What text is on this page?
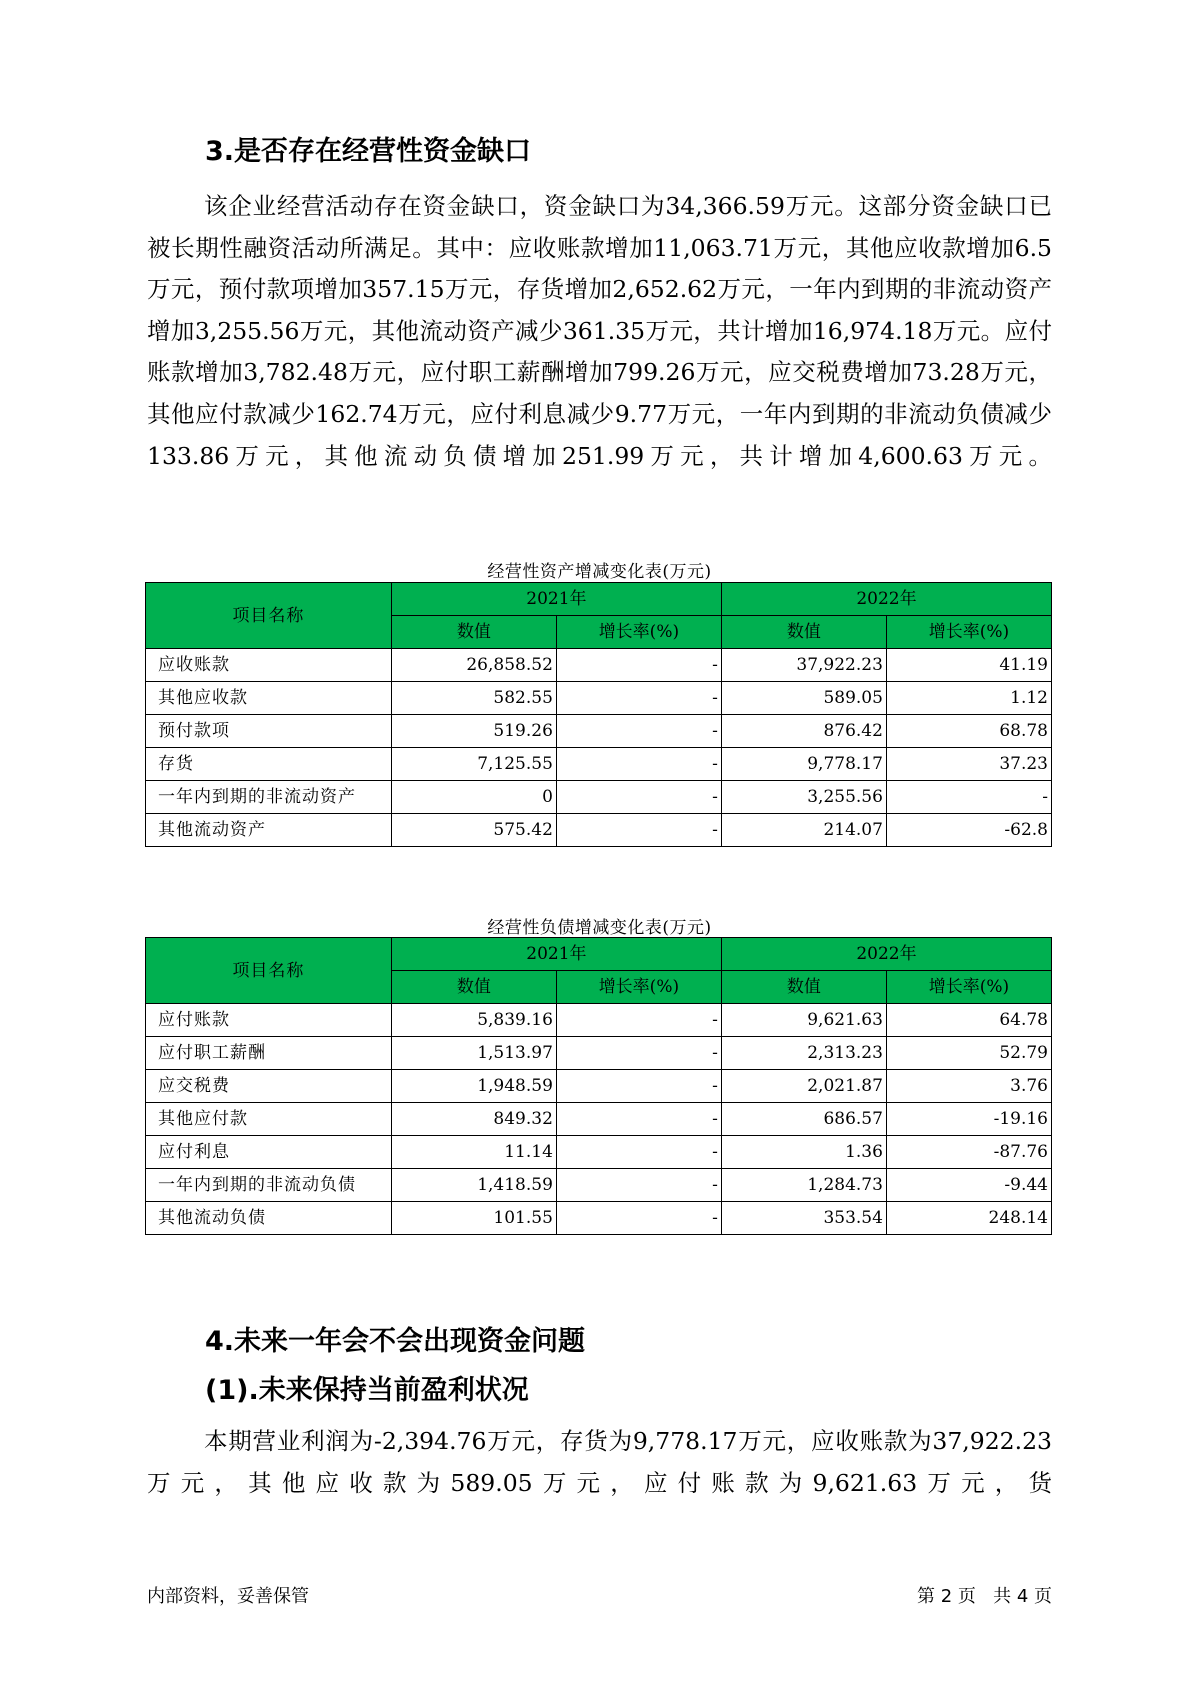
3.是否存在经营性资金缺口

该企业经营活动存在资金缺口，资金缺口为34,366.59万元。这部分资金缺口已被长期性融资活动所满足。其中：应收账款增加11,063.71万元，其他应收款增加6.5万元，预付款项增加357.15万元，存货增加2,652.62万元，一年内到期的非流动资产增加3,255.56万元，其他流动资产减少361.35万元，共计增加16,974.18万元。应付账款增加3,782.48万元，应付职工薪酬增加799.26万元，应交税费增加73.28万元，其他应付款减少162.74万元，应付利息减少9.77万元，一年内到期的非流动负债减少133.86万元，其他流动负债增加251.99万元，共计增加4,600.63万元。

经营性资产增减变化表(万元)

项目名称	2021年		2022年	
	数值	增长率(%)	数值	增长率(%)
应收账款	26,858.52	-	37,922.23	41.19
其他应收款	582.55	-	589.05	1.12
预付款项	519.26	-	876.42	68.78
存货	7,125.55	-	9,778.17	37.23
一年内到期的非流动资产	0	-	3,255.56	-
其他流动资产	575.42	-	214.07	-62.8

经营性负债增减变化表(万元)

项目名称	2021年		2022年	
	数值	增长率(%)	数值	增长率(%)
应付账款	5,839.16	-	9,621.63	64.78
应付职工薪酬	1,513.97	-	2,313.23	52.79
应交税费	1,948.59	-	2,021.87	3.76
其他应付款	849.32	-	686.57	-19.16
应付利息	11.14	-	1.36	-87.76
一年内到期的非流动负债	1,418.59	-	1,284.73	-9.44
其他流动负债	101.55	-	353.54	248.14
4.未来一年会不会出现资金问题
(1).未来保持当前盈利状况

本期营业利润为-2,394.76万元，存货为9,778.17万元，应收账款为37,922.23万元，其他应收款为589.05万元，应付账款为9,621.63万元，货

内部资料，妥善保管	第 2 页   共 4 页
